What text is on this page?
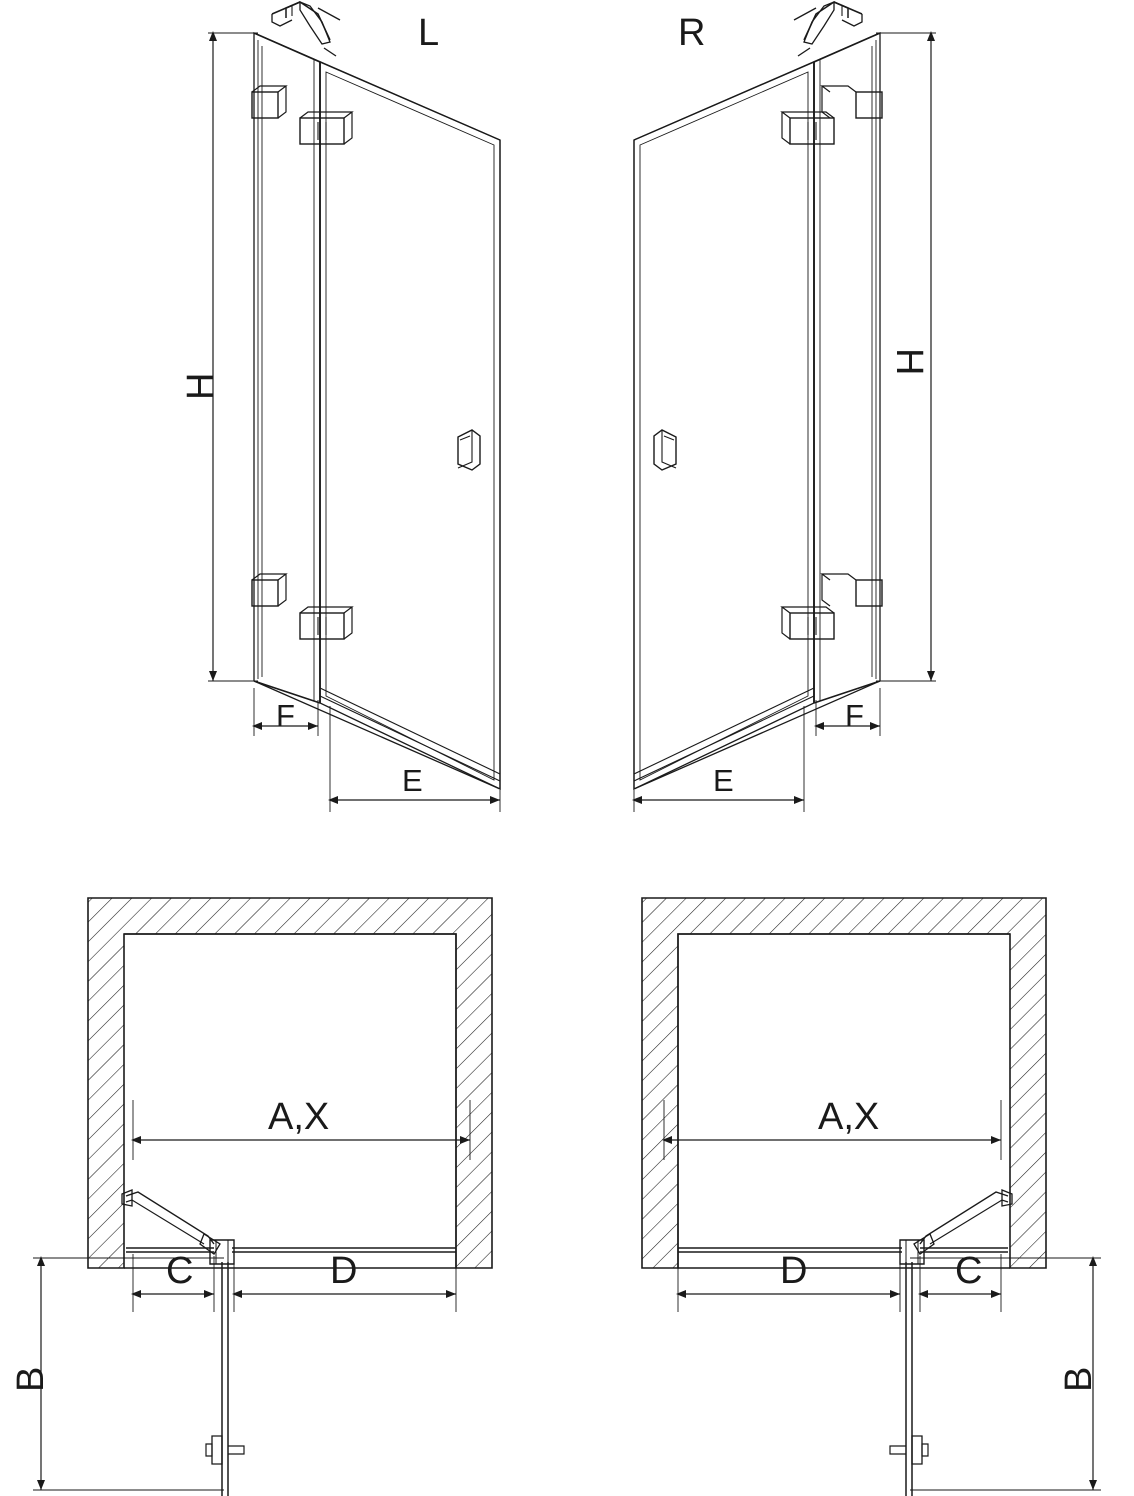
L	R
H
H
F	F
E	E
A,X	A,X
C	D	D	C
B	B
